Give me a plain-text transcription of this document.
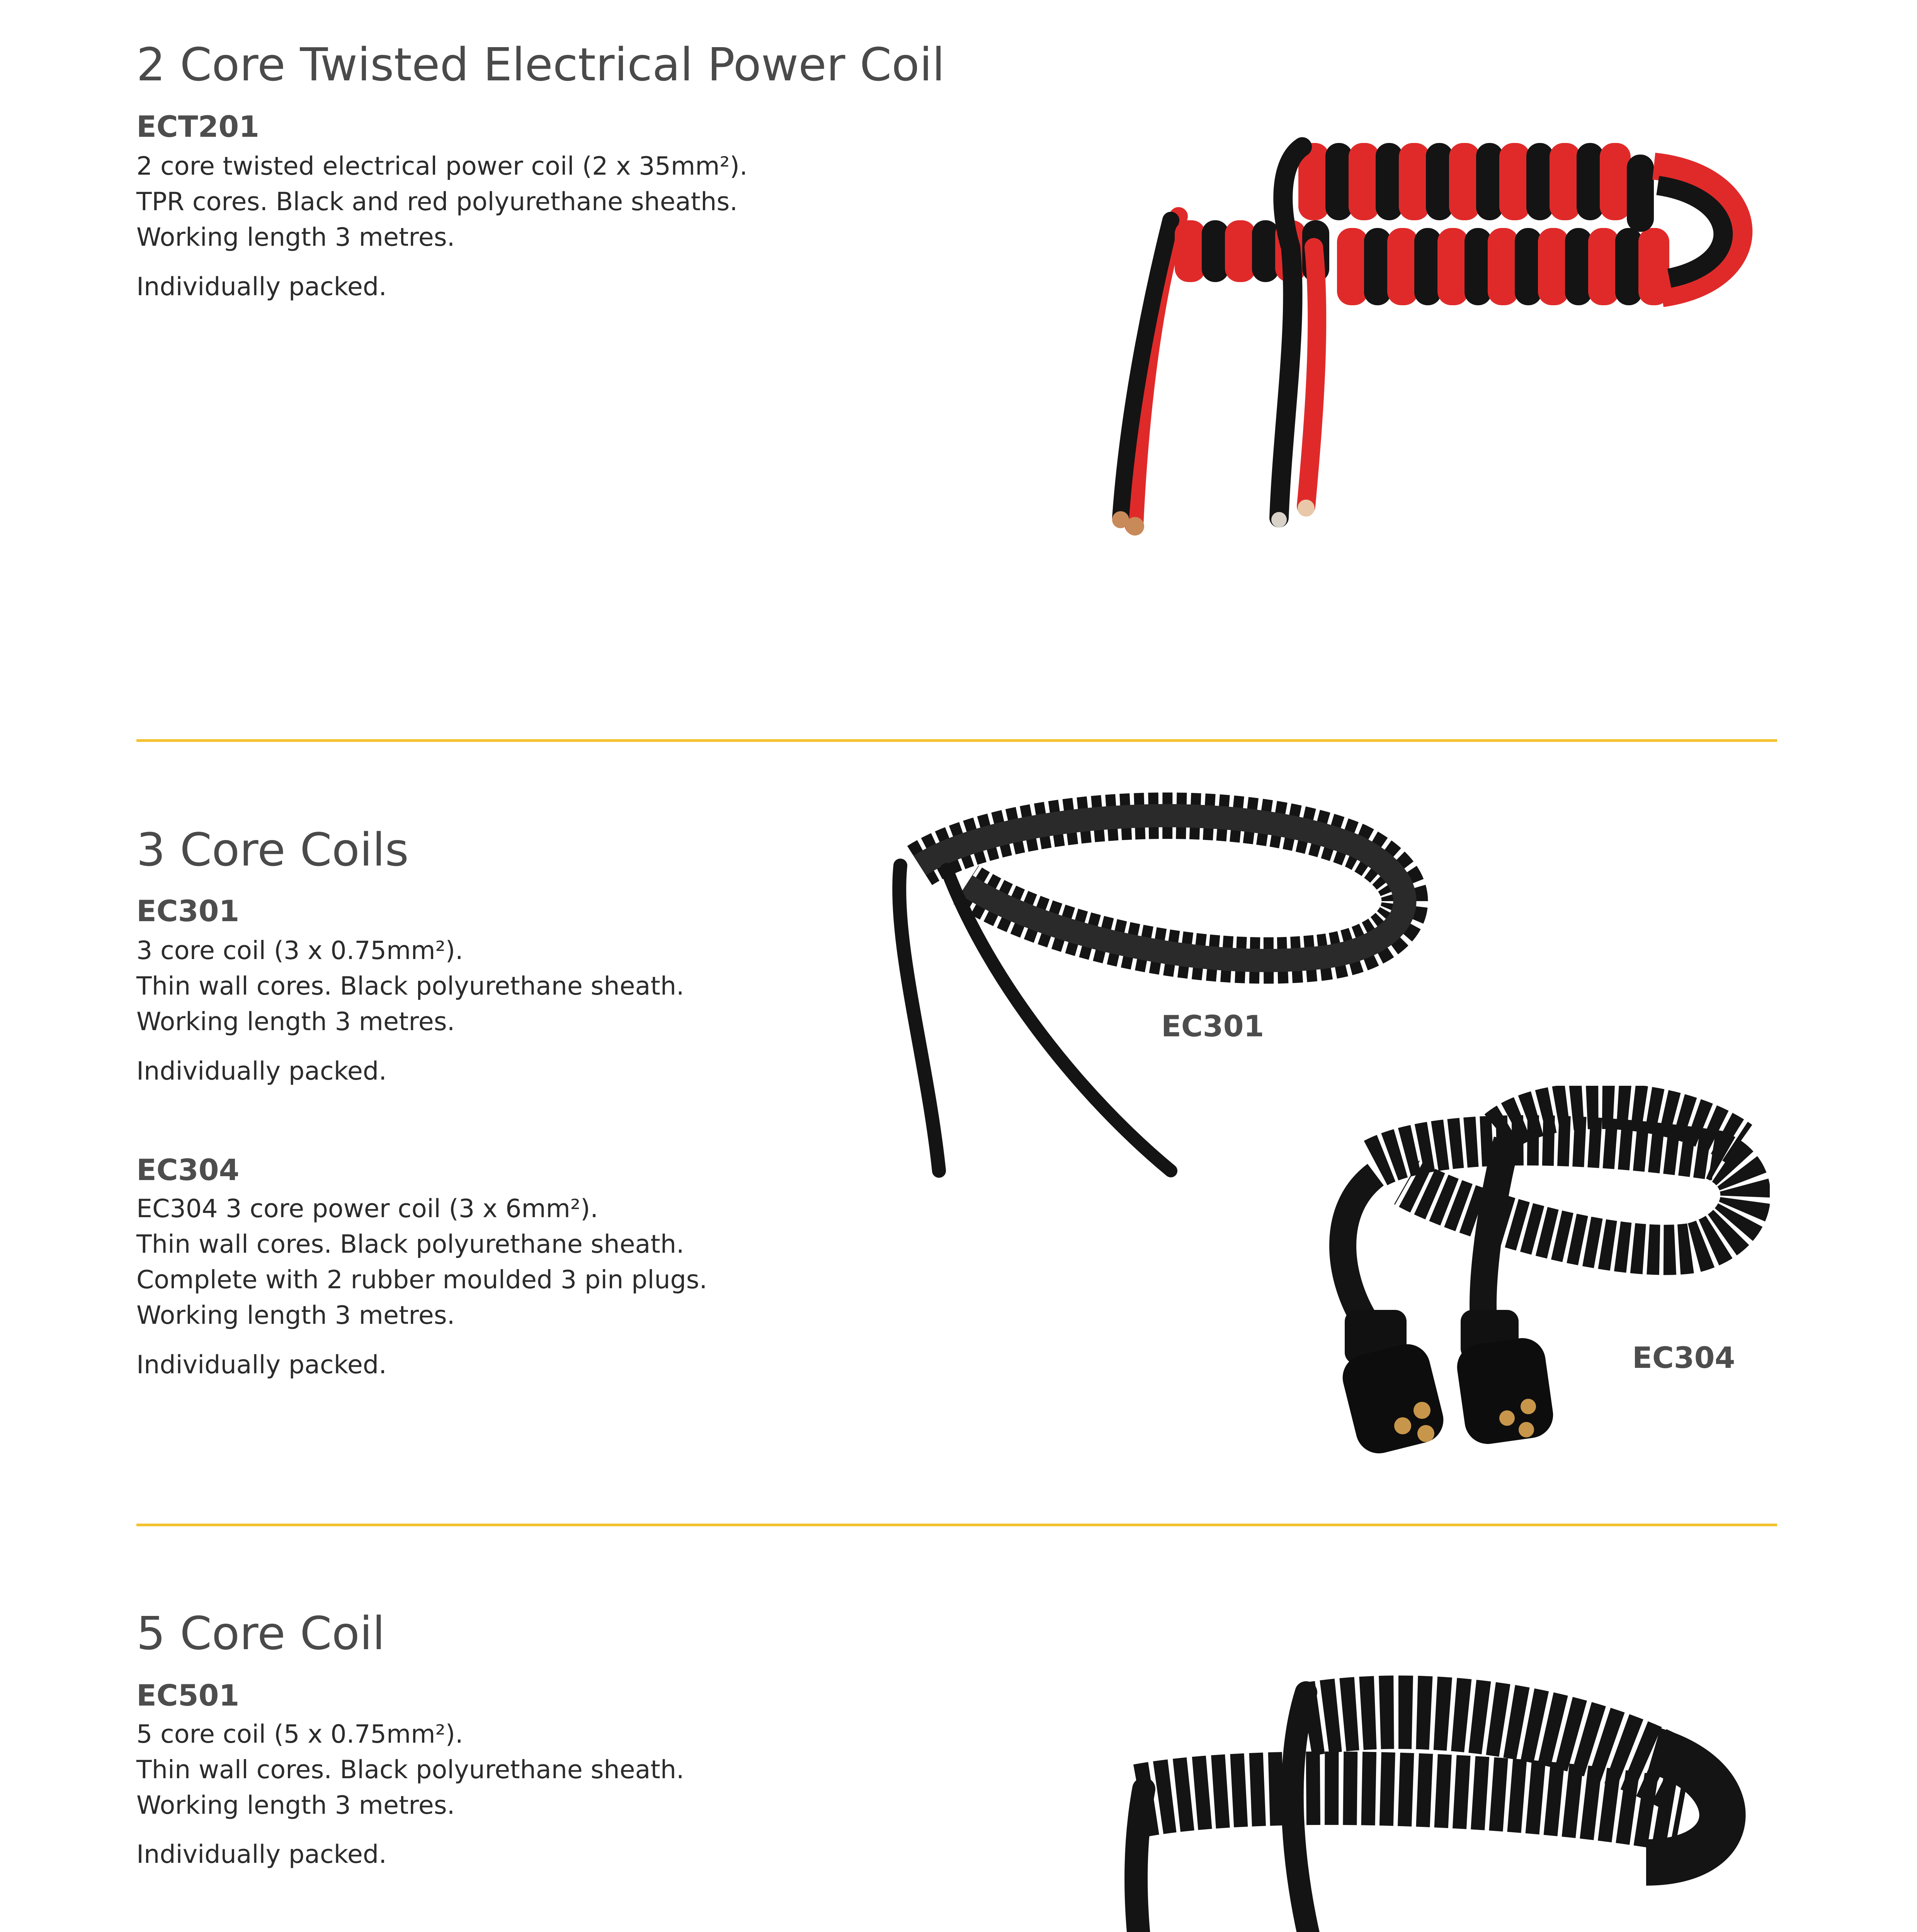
2 Core Twisted Electrical Power Coil
ECT201
2 core twisted electrical power coil (2 x 35mm²).
TPR cores. Black and red polyurethane sheaths.
Working length 3 metres.
Individually packed.
3 Core Coils
EC301
3 core coil (3 x 0.75mm²).
Thin wall cores. Black polyurethane sheath.
Working length 3 metres.
Individually packed.
EC304
EC304 3 core power coil (3 x 6mm²).
Thin wall cores. Black polyurethane sheath.
Complete with 2 rubber moulded 3 pin plugs.
Working length 3 metres.
Individually packed.
EC301
EC304
5 Core Coil
EC501
5 core coil (5 x 0.75mm²).
Thin wall cores. Black polyurethane sheath.
Working length 3 metres.
Individually packed.
